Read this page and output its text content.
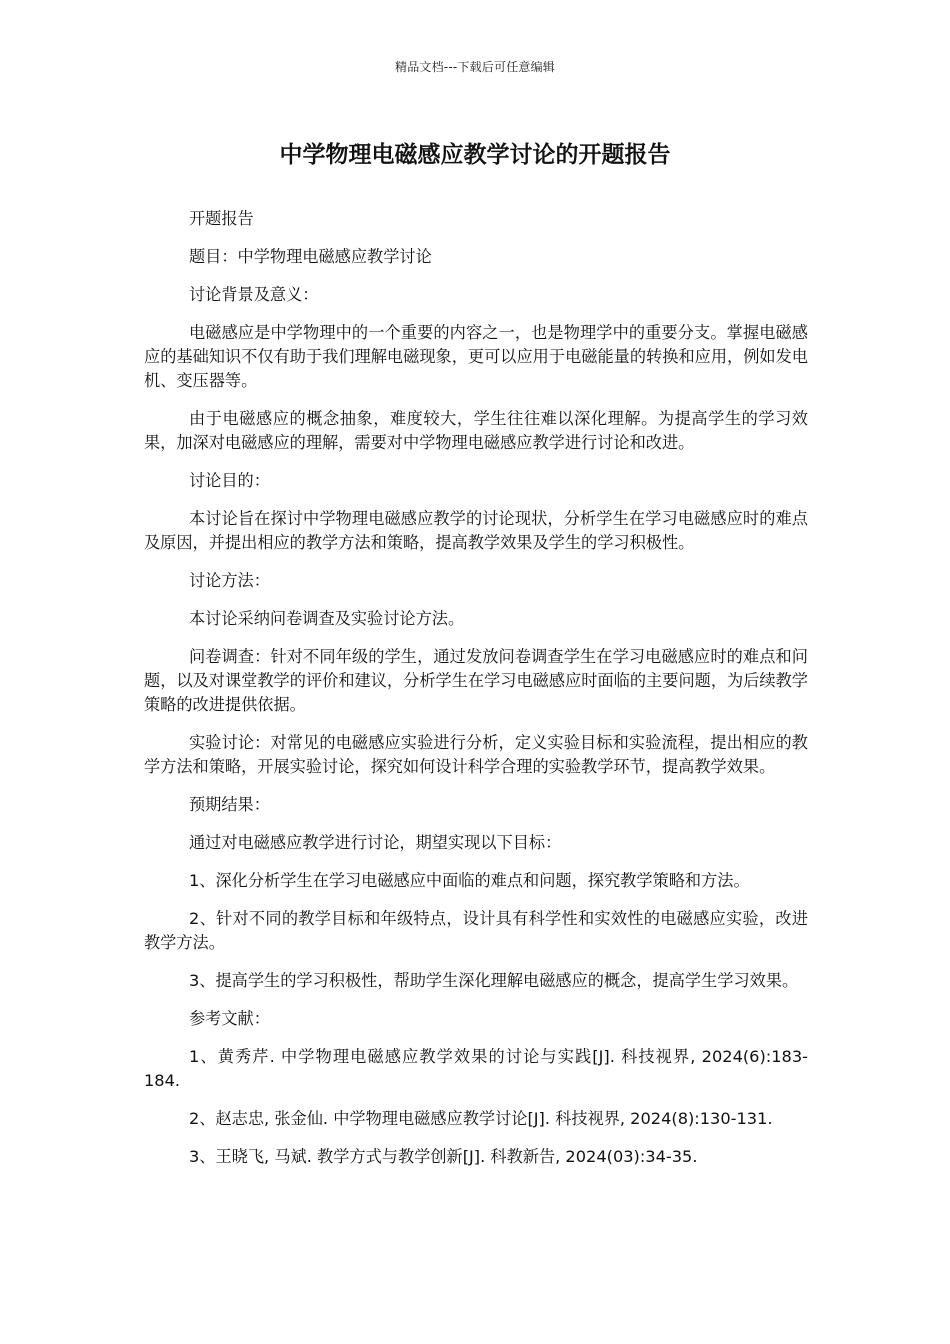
精品文档---下载后可任意编辑
中学物理电磁感应教学讨论的开题报告

开题报告

题目：中学物理电磁感应教学讨论

讨论背景及意义：

电磁感应是中学物理中的一个重要的内容之一，也是物理学中的重要分支。掌握电磁感应的基础知识不仅有助于我们理解电磁现象，更可以应用于电磁能量的转换和应用，例如发电机、变压器等。

由于电磁感应的概念抽象，难度较大，学生往往难以深化理解。为提高学生的学习效果，加深对电磁感应的理解，需要对中学物理电磁感应教学进行讨论和改进。

讨论目的：

本讨论旨在探讨中学物理电磁感应教学的讨论现状，分析学生在学习电磁感应时的难点及原因，并提出相应的教学方法和策略，提高教学效果及学生的学习积极性。

讨论方法：

本讨论采纳问卷调查及实验讨论方法。

问卷调查：针对不同年级的学生，通过发放问卷调查学生在学习电磁感应时的难点和问题，以及对课堂教学的评价和建议，分析学生在学习电磁感应时面临的主要问题，为后续教学策略的改进提供依据。

实验讨论：对常见的电磁感应实验进行分析，定义实验目标和实验流程，提出相应的教学方法和策略，开展实验讨论，探究如何设计科学合理的实验教学环节，提高教学效果。

预期结果：

通过对电磁感应教学进行讨论，期望实现以下目标：

1、深化分析学生在学习电磁感应中面临的难点和问题，探究教学策略和方法。

2、针对不同的教学目标和年级特点，设计具有科学性和实效性的电磁感应实验，改进教学方法。

3、提高学生的学习积极性，帮助学生深化理解电磁感应的概念，提高学生学习效果。

参考文献：

1、黄秀芹. 中学物理电磁感应教学效果的讨论与实践[J]. 科技视界, 2024(6):183-184.

2、赵志忠, 张金仙. 中学物理电磁感应教学讨论[J]. 科技视界, 2024(8):130-131.

3、王晓飞, 马斌. 教学方式与教学创新[J]. 科教新告, 2024(03):34-35.
